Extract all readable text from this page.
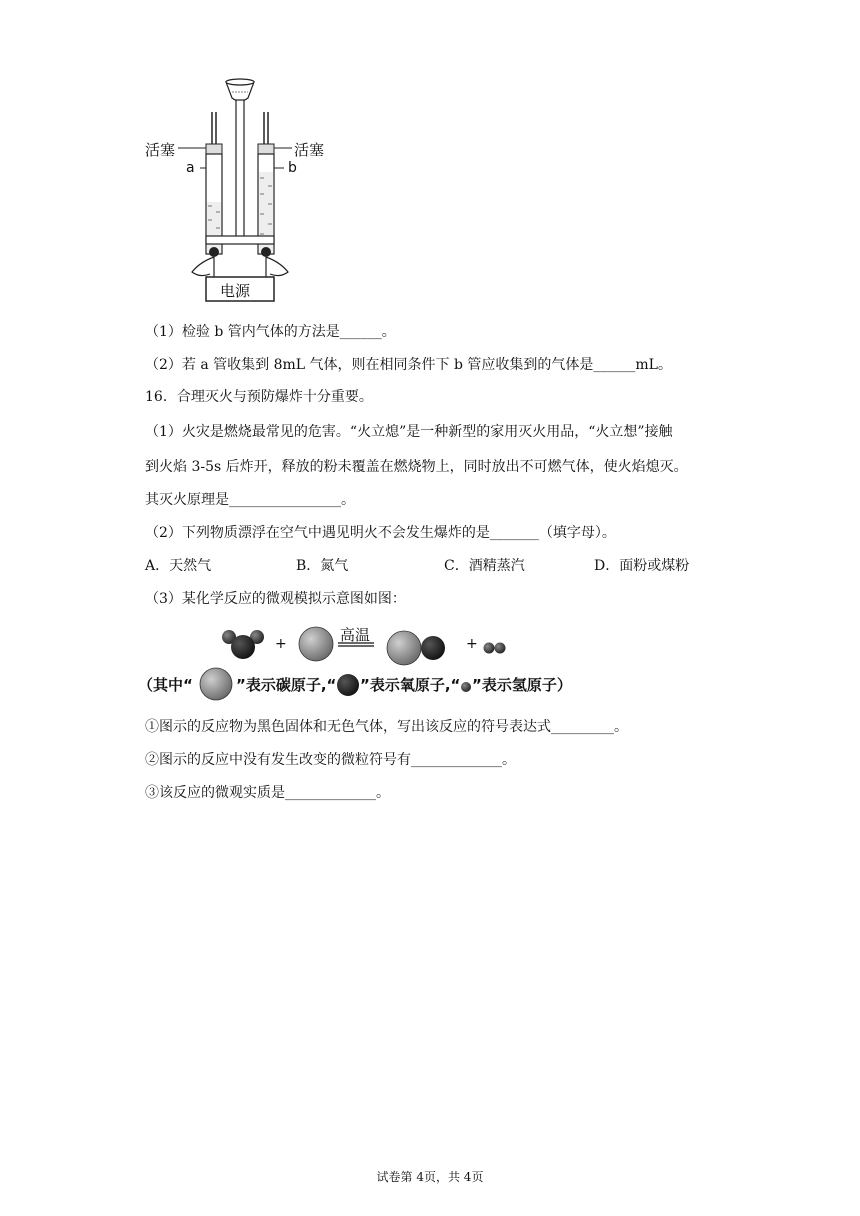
活塞	活塞
a	b
电源
（1）检验 b 管内气体的方法是______。
（2）若 a 管收集到 8mL 气体，则在相同条件下 b 管应收集到的气体是______mL。
16．合理灭火与预防爆炸十分重要。
（1）火灾是燃烧最常见的危害。“火立熄”是一种新型的家用灭火用品，“火立想”接触
到火焰 3-5s 后炸开，释放的粉未覆盖在燃烧物上，同时放出不可燃气体，使火焰熄灭。
其灭火原理是________________。
（2）下列物质漂浮在空气中遇见明火不会发生爆炸的是_______（填字母）。
A．天然气	B．氮气	C．酒精蒸汽	D．面粉或煤粉
（3）某化学反应的微观模拟示意图如图：
+	高温	+
（其中“	”表示碳原子,“ ”表示氧原子,“ ”表示氢原子）
①图示的反应物为黑色固体和无色气体，写出该反应的符号表达式_________。
②图示的反应中没有发生改变的微粒符号有_____________。
③该反应的微观实质是_____________。
试卷第 4页，共 4页
